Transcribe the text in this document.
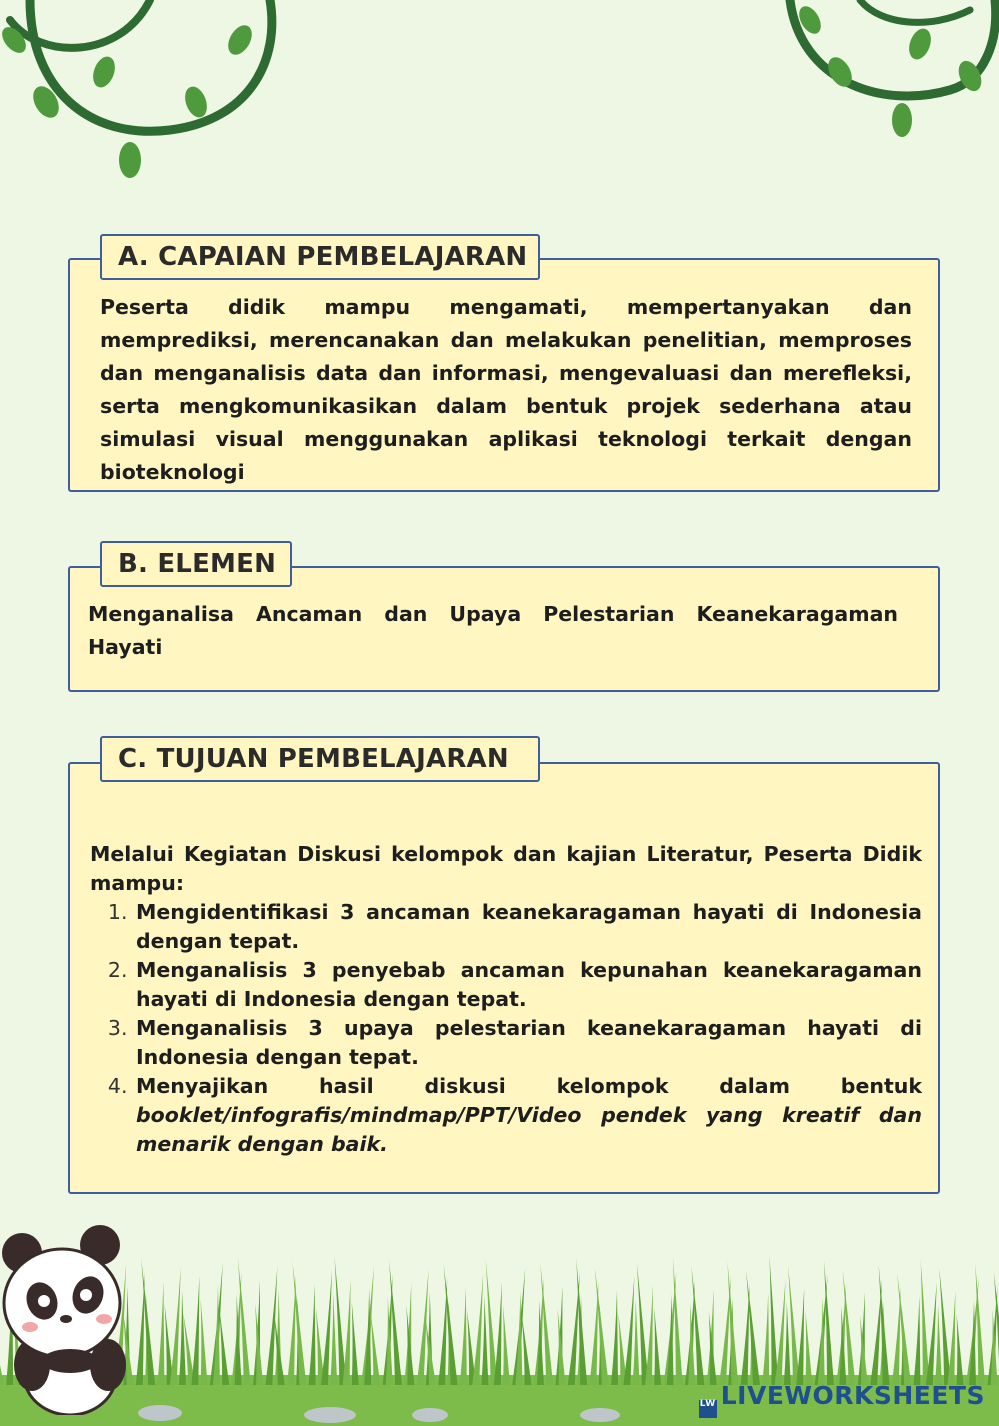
Peserta didik mampu mengamati, mempertanyakan dan memprediksi, merencanakan dan melakukan penelitian, memproses dan menganalisis data dan informasi, mengevaluasi dan merefleksi, serta mengkomunikasikan dalam bentuk projek sederhana atau simulasi visual menggunakan aplikasi teknologi terkait dengan bioteknologi
A. CAPAIAN PEMBELAJARAN
Menganalisa Ancaman dan Upaya Pelestarian Keanekaragaman Hayati
B. ELEMEN
Melalui Kegiatan Diskusi kelompok dan kajian Literatur, Peserta Didik mampu:
1. Mengidentifikasi 3 ancaman keanekaragaman hayati di Indonesia dengan tepat.
2. Menganalisis 3 penyebab ancaman kepunahan keanekaragaman hayati di Indonesia dengan tepat.
3. Menganalisis 3 upaya pelestarian keanekaragaman hayati di Indonesia dengan tepat.
4. Menyajikan hasil diskusi kelompok dalam bentuk booklet/infografis/mindmap/PPT/Video pendek yang kreatif dan menarik dengan baik.
C. TUJUAN PEMBELAJARAN
LW LIVEWORKSHEETS
